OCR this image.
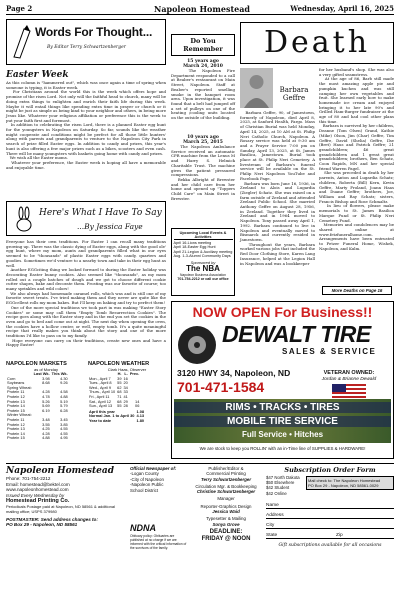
Page 2	Napoleon Homestead	Wednesday, April 16, 2025
Words For Thought...
By Editor Terry Schwartzenberger
Easter Week
As this column is "hammered out", which was once again a time of spring when someone is typing, it is Easter week.
For Christians around the world this is the week which offers hope and promise of the risen Lord. Not only will the faithful head to church, many will be doing extra things to enlighten and enrich their faith life during this week. Maybe it will entail things like spending extra time in prayer or church or it might be just as simple as being kind to your neighbor and others, in being more Jesus like. Whatever your religious affiliation or preference this is the week to put your faith first and foremost.
In addition to celebrating the risen Lord, there is a planned Easter egg hunt for the youngsters in Napoleon on Saturday. So far, sounds like the weather might cooperate and conditions might be perfect for all those little hunters' along with parents and grandparents to venture to the Napoleon City Park in search of prize filled Easter eggs. In addition to candy and prizes, this year's hunt is also offering a few major prizes such as a bikes, scooters and even cash. There will be many youngsters with baskets going home with candy and prizes.
We wish all the Easter moms.
Whatever your preference, the Easter week is hoping all have a memorable and enjoyable time.
Here's What I Have To Say
...By Jessica Faye
Everyone has their own traditions. For Easter I can recall many traditions growing up. There was the classic dying of Easter eggs, along with the good ole' egg hunt, where my mom, aunts and grandparents filled what in our eyes seemed to be "thousands" of plastic Easter eggs with candy, quarters and goodies. Sometimes we'd venture to a nearby town and take in their egg hunt as well.
Another EGGciting thing we looked forward to during the Easter holiday was decorating Easter bunny cookies. Also seemed like "thousands", as my mom rolled out a couple batches of dough and we got to choose different cookie cutter shapes, bake and decorate them. Frosting was our favorite of course; too many sprinkles and wild colors!
We also always had homemade caramel rolls, which was and is still one of my favorite sweet treats. I've tried making them and they never are quite like the EGGcellent rolls my mom bakes. But I'll keep on baking and try to perfect them!
One of the more special traditions we took part in was making "Easter Story Cookies" or some may call them "Empty Tomb Resurrection Cookies". The recipe goes along with the Easter story and in the end you set the cookies in the oven and go to bed and come out at night. The next day when opening the oven, the cookies have a hollow center, or well, empty tomb. It's a quite meaningful recipe that really makes you think about the story and one of the more traditions I'd like to pass on to my family.
Hope everyone can carry on their traditions, create new ones and have a Happy Easter!
NAPOLEON MARKETS
as of Monday
	Last Wk.	This Wk.
Corn	3.98	4.30
Soybeans	8.68	9.26
Spring Wheat:		
Protein 11	4.28	4.58
Protein 12	4.78	4.88
Protein 13	5.26	5.19
Protein 14	5.69	5.79
Protein 15	6.19	6.28
Winter Wheat:		
Protein 11	3.48	3.45
Protein 12	3.55	3.85
Protein 13	4.25	4.55
Protein 14	4.28	4.55
Protein 15	4.88	4.95
NAPOLEON WEATHER
Clark Haas, Observer
	H.	L.	Prec.
Mon., April 7	39	16	
Tues., April 8	55	20	
Wed., April 9	62	34	
Thurs., April 10	68	33	
Fri., April 11	71	41	
Sat., April 12	68	29	14
Sun., April 13	55	28	06
April this year	1.08
Normal Jan. 1 to April 30	4.13
Year to date	1.80
Do You Remember
15 years ago
March 24, 2010
The Napoleon Fire Department responded to a call at Beaber's restaurant on Main Street, Napoleon. Staff at Beaber's reported smelling smoke in the banquet room area. Upon investigation, it was found that a belt had jumped off a set of pulleys on one of the heating /cooling units located on the outside of the building.
10 years ago
March 25, 2015
The Napoleon Ambulance Service received an automatic CPR machine from the Lenus M and Harry S. Helmick Charitable Trust. The machine gives the patient pressured compressions.
Bekka Albright of Brewster and her child care from her home and opened up "Toppers Child Care" on Main Street in Brewster.
Upcoming Local Events & Activities
April 16-Lions meeting
April 18-Easter Egg Hunt
April 21-Legion & Auxiliary meeting
Aug. 1-3-Alumni Community Days
Sponsored by
The NBA
Napoleon Business Association
701-754-2212 or call our office
Death
Barbara Geffre
Barbara Geffre, 90, of Jamestown, formerly of Napoleon, died April 8, 2025, at Sanford Health, Fargo. Mass of Christian Burial was held Monday, April 14, 2025, at 10 AM at St. Philip Neri Catholic Church, Napoleon. A Rosary service was held at 9:30 am and a Prayer Service 7:00 pm on Sunday, April 13, 2025, at St. James Basilica, Jamestown. Burial took place at St. Philip Neri Cemetery. A livestream of Barbara's funeral service will be available on the St. Philip Neri Napoleon YouTube and Facebook Page.
Barbara was born June 16, 1936, in Zeeland to Alois and Lugardia (Ziegler) Schatz. She was raised on a farm outside of Zeeland and attended Zeeland Public School. She married Anthony Geffre on August 28, 1956, in Zeeland. Together they lived in Zeeland and in 1964 moved to Napoleon. Tony passed away April 1, 1992. Barbara continued to live in Napoleon and eventually moved to Bismarck and currently resided in Jamestown.
Throughout the years, Barbara worked various jobs that included the Red Door Clothing Store, Karen Lang Insurance, helped at the Legion Hall in Napoleon and was a bookkeeper
for her husband's shop. She was also a very gifted seamstress.
At the age of 86, Barb still made the most amazing apple pie and pumpkin kuchen and was still camping her own vegetables and fruit. She learned early how to make homemade ice cream and enjoyed bringing it to her late 90's and Grilled Ham-Burger fundraiser at the age of 80 and had cool other plans this time.
Barbara is survived by her children, Deanne (Tom Olsen) Grand, Kathie (Mike) Olson, Jim (Char) Geffre, Tim Geffre, David (Shelia) Geffre, Ilse (Bret) Haus and Patrick Geffre; 21 grandchildren; 46 great grandchildren and 1 great great grandchildren; brothers, Ben Schatz, Coon Rapids, MN and her special friend Warren Pagel.
She was preceded in death by her parents, Anton and Lugardia Schatz; children, Roberta (Bill) Kern, Kevin Geffre, Marty Froland, Joann Haas and Duane Geffre; brothers, Joe, William and Ray Schatz; sisters, Francis Bishop and Rose Schmaltz.
In lieu of flowers, please make memorials to St. James Basilica Marque Fund or St. Philip Neri Cemetery Fund.
Memories and condolences may be shared online at www.fetzfuneralhome.com. Arrangements have been entrusted to Fetzer Funeral Home, Wishek, Napoleon, and Kulm.
More Deaths on Page 16
NOW OPEN For Business!!
DEWALT TIRE
SALES & SERVICE
3120 HWY 34, Napoleon, ND
701-471-1584
VETERAN OWNED:
Jordan & Brianne Dewald
RIMS • TRACKS • TIRES
MOBILE TIRE SERVICE
Full Service • Hitches
We are stock to keep you ROLLIN' with an in-Time line of SUPPLIES & HARDWARE!
Napoleon Homestead
Phone: 701-754-2212
Email: homestead@bektel.com
www.napoleonhomestead.com
Issued Every Wednesday by
Homestead Printing Co.
Periodicals Postage paid at Napoleon, ND 58561 & additional mailing office; USPS 379980
POSTMASTER: Send address changes to:
PO Box 29 - Napoleon, ND 58561
Official Newspaper of:
-Logan County
-City of Napoleon
-Napoleon Public
School District
NDNA
Obituary policy: Obituaries are published at no charge if we are informed with the critical information of the survivors of the family.
Publisher/Editor &
Commercial Printing
Terry Schwartzenberger
Circulation Mgr. & Bookkeeping
Christine Schwartzenberger
Manager
Reporter-Graphics Design
Jessica Waid
Typesetter & Mailing
Sonya Grove
DEADLINE:
FRIDAY @ NOON
Subscription Order Form
$47 North Dakota
$50 Elsewhere
$42 Student
$42 Online
Mail check to: The Napoleon Homestead
PO Box 29 - Napoleon, ND 58561-0029
Name
Address
City
State	Zip
Gift subscriptions available for all occasions
